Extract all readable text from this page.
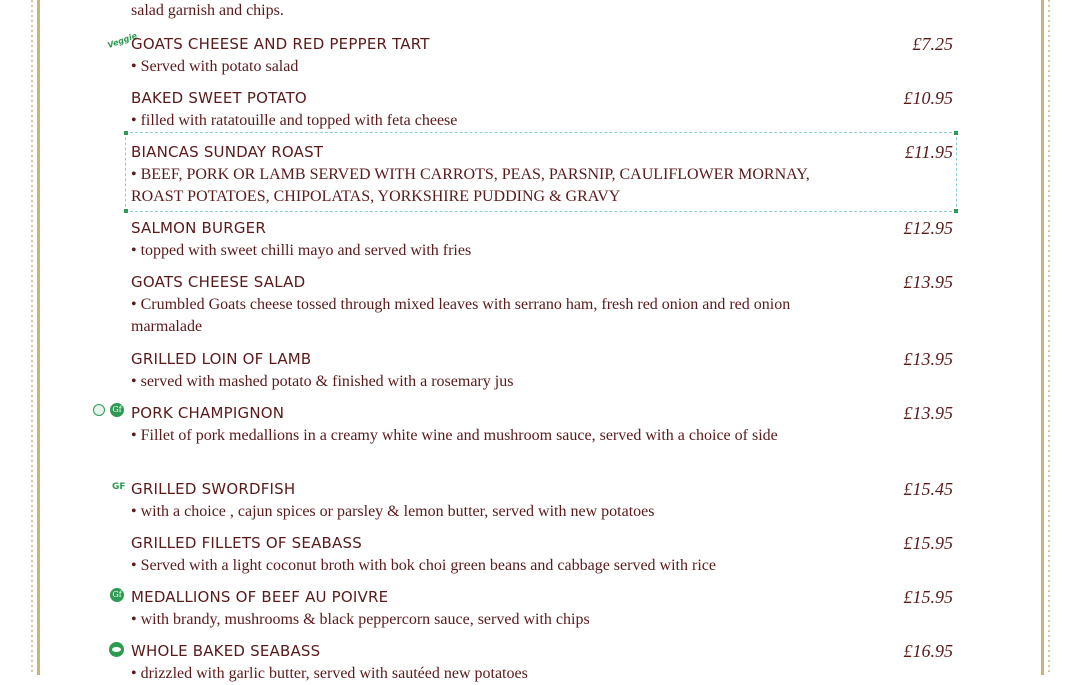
salad garnish and chips.
Veggie
Gf
GF
Gf
GOATS CHEESE AND RED PEPPER TART
• Served with potato salad
£7.25
BAKED SWEET POTATO
• filled with ratatouille and topped with feta cheese
£10.95
BIANCAS SUNDAY ROAST
• BEEF, PORK OR LAMB SERVED WITH CARROTS, PEAS, PARSNIP, CAULIFLOWER MORNAY, ROAST POTATOES, CHIPOLATAS, YORKSHIRE PUDDING & GRAVY
£11.95
SALMON BURGER
• topped with sweet chilli mayo and served with fries
£12.95
GOATS CHEESE SALAD
• Crumbled Goats cheese tossed through mixed leaves with serrano ham, fresh red onion and red onion marmalade
£13.95
GRILLED LOIN OF LAMB
• served with mashed potato & finished with a rosemary jus
£13.95
PORK CHAMPIGNON
• Fillet of pork medallions in a creamy white wine and mushroom sauce, served with a choice of side
£13.95
GRILLED SWORDFISH
• with a choice , cajun spices or parsley & lemon butter, served with new potatoes
£15.45
GRILLED FILLETS OF SEABASS
• Served with a light coconut broth with bok choi green beans and cabbage served with rice
£15.95
MEDALLIONS OF BEEF AU POIVRE
• with brandy, mushrooms & black peppercorn sauce, served with chips
£15.95
WHOLE BAKED SEABASS
• drizzled with garlic butter, served with sautéed new potatoes
£16.95
